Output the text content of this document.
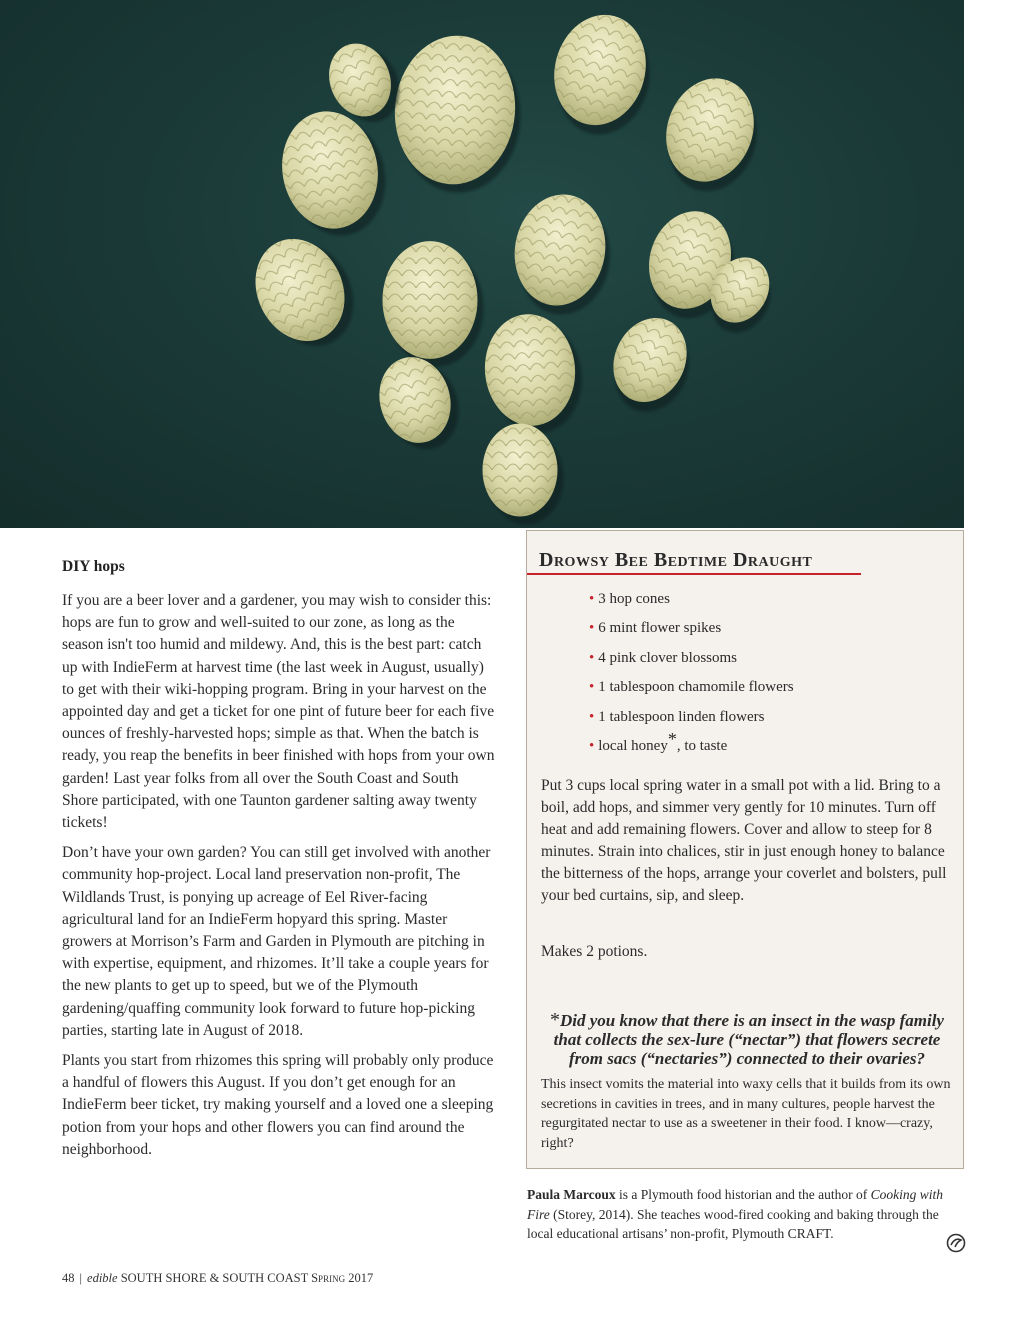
DIY hops

If you are a beer lover and a gardener, you may wish to consider this: hops are fun to grow and well-suited to our zone, as long as the season isn't too humid and mildewy. And, this is the best part: catch up with IndieFerm at harvest time (the last week in August, usually) to get with their wiki-hopping program. Bring in your harvest on the appointed day and get a ticket for one pint of future beer for each five ounces of freshly-harvested hops; simple as that. When the batch is ready, you reap the benefits in beer finished with hops from your own garden! Last year folks from all over the South Coast and South Shore participated, with one Taunton gardener salting away twenty tickets!

Don’t have your own garden? You can still get involved with another community hop-project. Local land preservation non-profit, The Wildlands Trust, is ponying up acreage of Eel River-facing agricultural land for an IndieFerm hopyard this spring. Master growers at Morrison’s Farm and Garden in Plymouth are pitching in with expertise, equipment, and rhizomes. It’ll take a couple years for the new plants to get up to speed, but we of the Plymouth gardening/quaffing community look forward to future hop-picking parties, starting late in August of 2018.

Plants you start from rhizomes this spring will probably only produce a handful of flowers this August. If you don’t get enough for an IndieFerm beer ticket, try making yourself and a loved one a sleeping potion from your hops and other flowers you can find around the neighborhood.

Drowsy Bee Bedtime Draught
• 3 hop cones
• 6 mint flower spikes
• 4 pink clover blossoms
• 1 tablespoon chamomile flowers
• 1 tablespoon linden flowers
• local honey*, to taste

Put 3 cups local spring water in a small pot with a lid. Bring to a boil, add hops, and simmer very gently for 10 minutes. Turn off heat and add remaining flowers. Cover and allow to steep for 8 minutes. Strain into chalices, stir in just enough honey to balance the bitterness of the hops, arrange your coverlet and bolsters, pull your bed curtains, sip, and sleep.

Makes 2 potions.

*Did you know that there is an insect in the wasp family
that collects the sex-lure (“nectar”) that flowers secrete
from sacs (“nectaries”) connected to their ovaries?

This insect vomits the material into waxy cells that it builds from its own secretions in cavities in trees, and in many cultures, people harvest the regurgitated nectar to use as a sweetener in their food. I know—crazy, right?

Paula Marcoux is a Plymouth food historian and the author of Cooking with Fire (Storey, 2014). She teaches wood-fired cooking and baking through the local educational artisans’ non-profit, Plymouth CRAFT.

48 | edible SOUTH SHORE & SOUTH COAST Spring 2017
